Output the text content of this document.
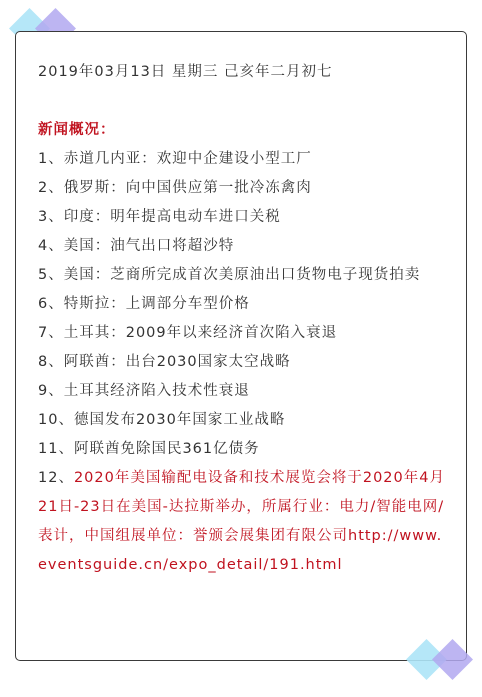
2019年03月13日 星期三 己亥年二月初七
新闻概况：
1、赤道几内亚：欢迎中企建设小型工厂
2、俄罗斯：向中国供应第一批冷冻禽肉
3、印度：明年提高电动车进口关税
4、美国：油气出口将超沙特
5、美国：芝商所完成首次美原油出口货物电子现货拍卖
6、特斯拉：上调部分车型价格
7、土耳其：2009年以来经济首次陷入衰退
8、阿联酋：出台2030国家太空战略
9、土耳其经济陷入技术性衰退
10、德国发布2030年国家工业战略
11、阿联酋免除国民361亿债务
12、2020年美国输配电设备和技术展览会将于2020年4月21日-23日在美国-达拉斯举办，所属行业：电力/智能电网/表计，中国组展单位：誉颁会展集团有限公司http://www.eventsguide.cn/expo_detail/191.html
